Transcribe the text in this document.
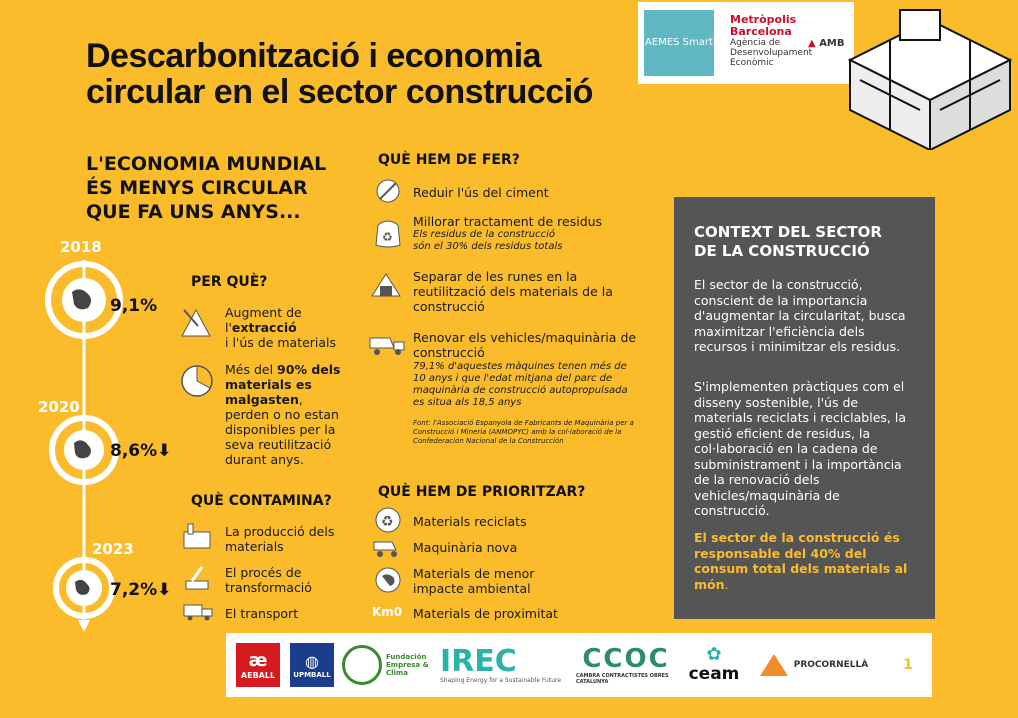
Descarbonització i economia
circular en el sector construcció
AEMES Smart
Metròpolis Barcelona
Agència de Desenvolupament Econòmic
▲ AMB
L'ECONOMIA MUNDIAL
ÉS MENYS CIRCULAR
QUE FA UNS ANYS...
2018
9,1%
2020
8,6%⬇
2023
7,2%⬇
PER QUÈ?
Augment de
l'extracció
i l'ús de materials
Més del 90% dels materials es malgasten, perden o no estan disponibles per la seva reutilització durant anys.
QUÈ CONTAMINA?
La producció dels materials
El procés de transformació
El transport
QUÈ HEM DE FER?
Reduir l'ús del ciment
♻
Millorar tractament de residus
Els residus de la construcció són el 30% dels residus totals
Separar de les runes en la reutilització dels materials de la construcció
Renovar els vehicles/maquinària de construcció
79,1% d'aquestes màquines tenen més de 10 anys i que l'edat mitjana del parc de maquinària de construcció autopropulsada es situa als 18,5 anys
Font: l'Associació Espanyola de Fabricants de Maquinària per a Construcció i Mineria (ANMOPYC) amb la col·laboració de la Confederación Nacional de la Construcción
QUÈ HEM DE PRIORITZAR?
♻ Materials reciclats
Maquinària nova
Materials de menor impacte ambiental
Km0 Materials de proximitat
CONTEXT DEL SECTOR DE LA CONSTRUCCIÓ
El sector de la construcció, conscient de la importancia d'augmentar la circularitat, busca maximitzar l'eficiència dels recursos i minimitzar els residus.
S'implementen pràctiques com el disseny sostenible, l'ús de materials reciclats i reciclables, la gestió eficient de residus, la col·laboració en la cadena de subministrament i la importància de la renovació dels vehicles/maquinària de construcció.
El sector de la construcció és responsable del 40% del consum total dels materials al món.
æ
AEBALL
◍
UPMBALL
Fundación Empresa & Clima	IREC
Shaping Energy for a Sustainable Future
CCOC
CAMBRA CONTRACTISTES OBRES CATALUNYA
✿
ceam	PROCORNELLÀ	1
